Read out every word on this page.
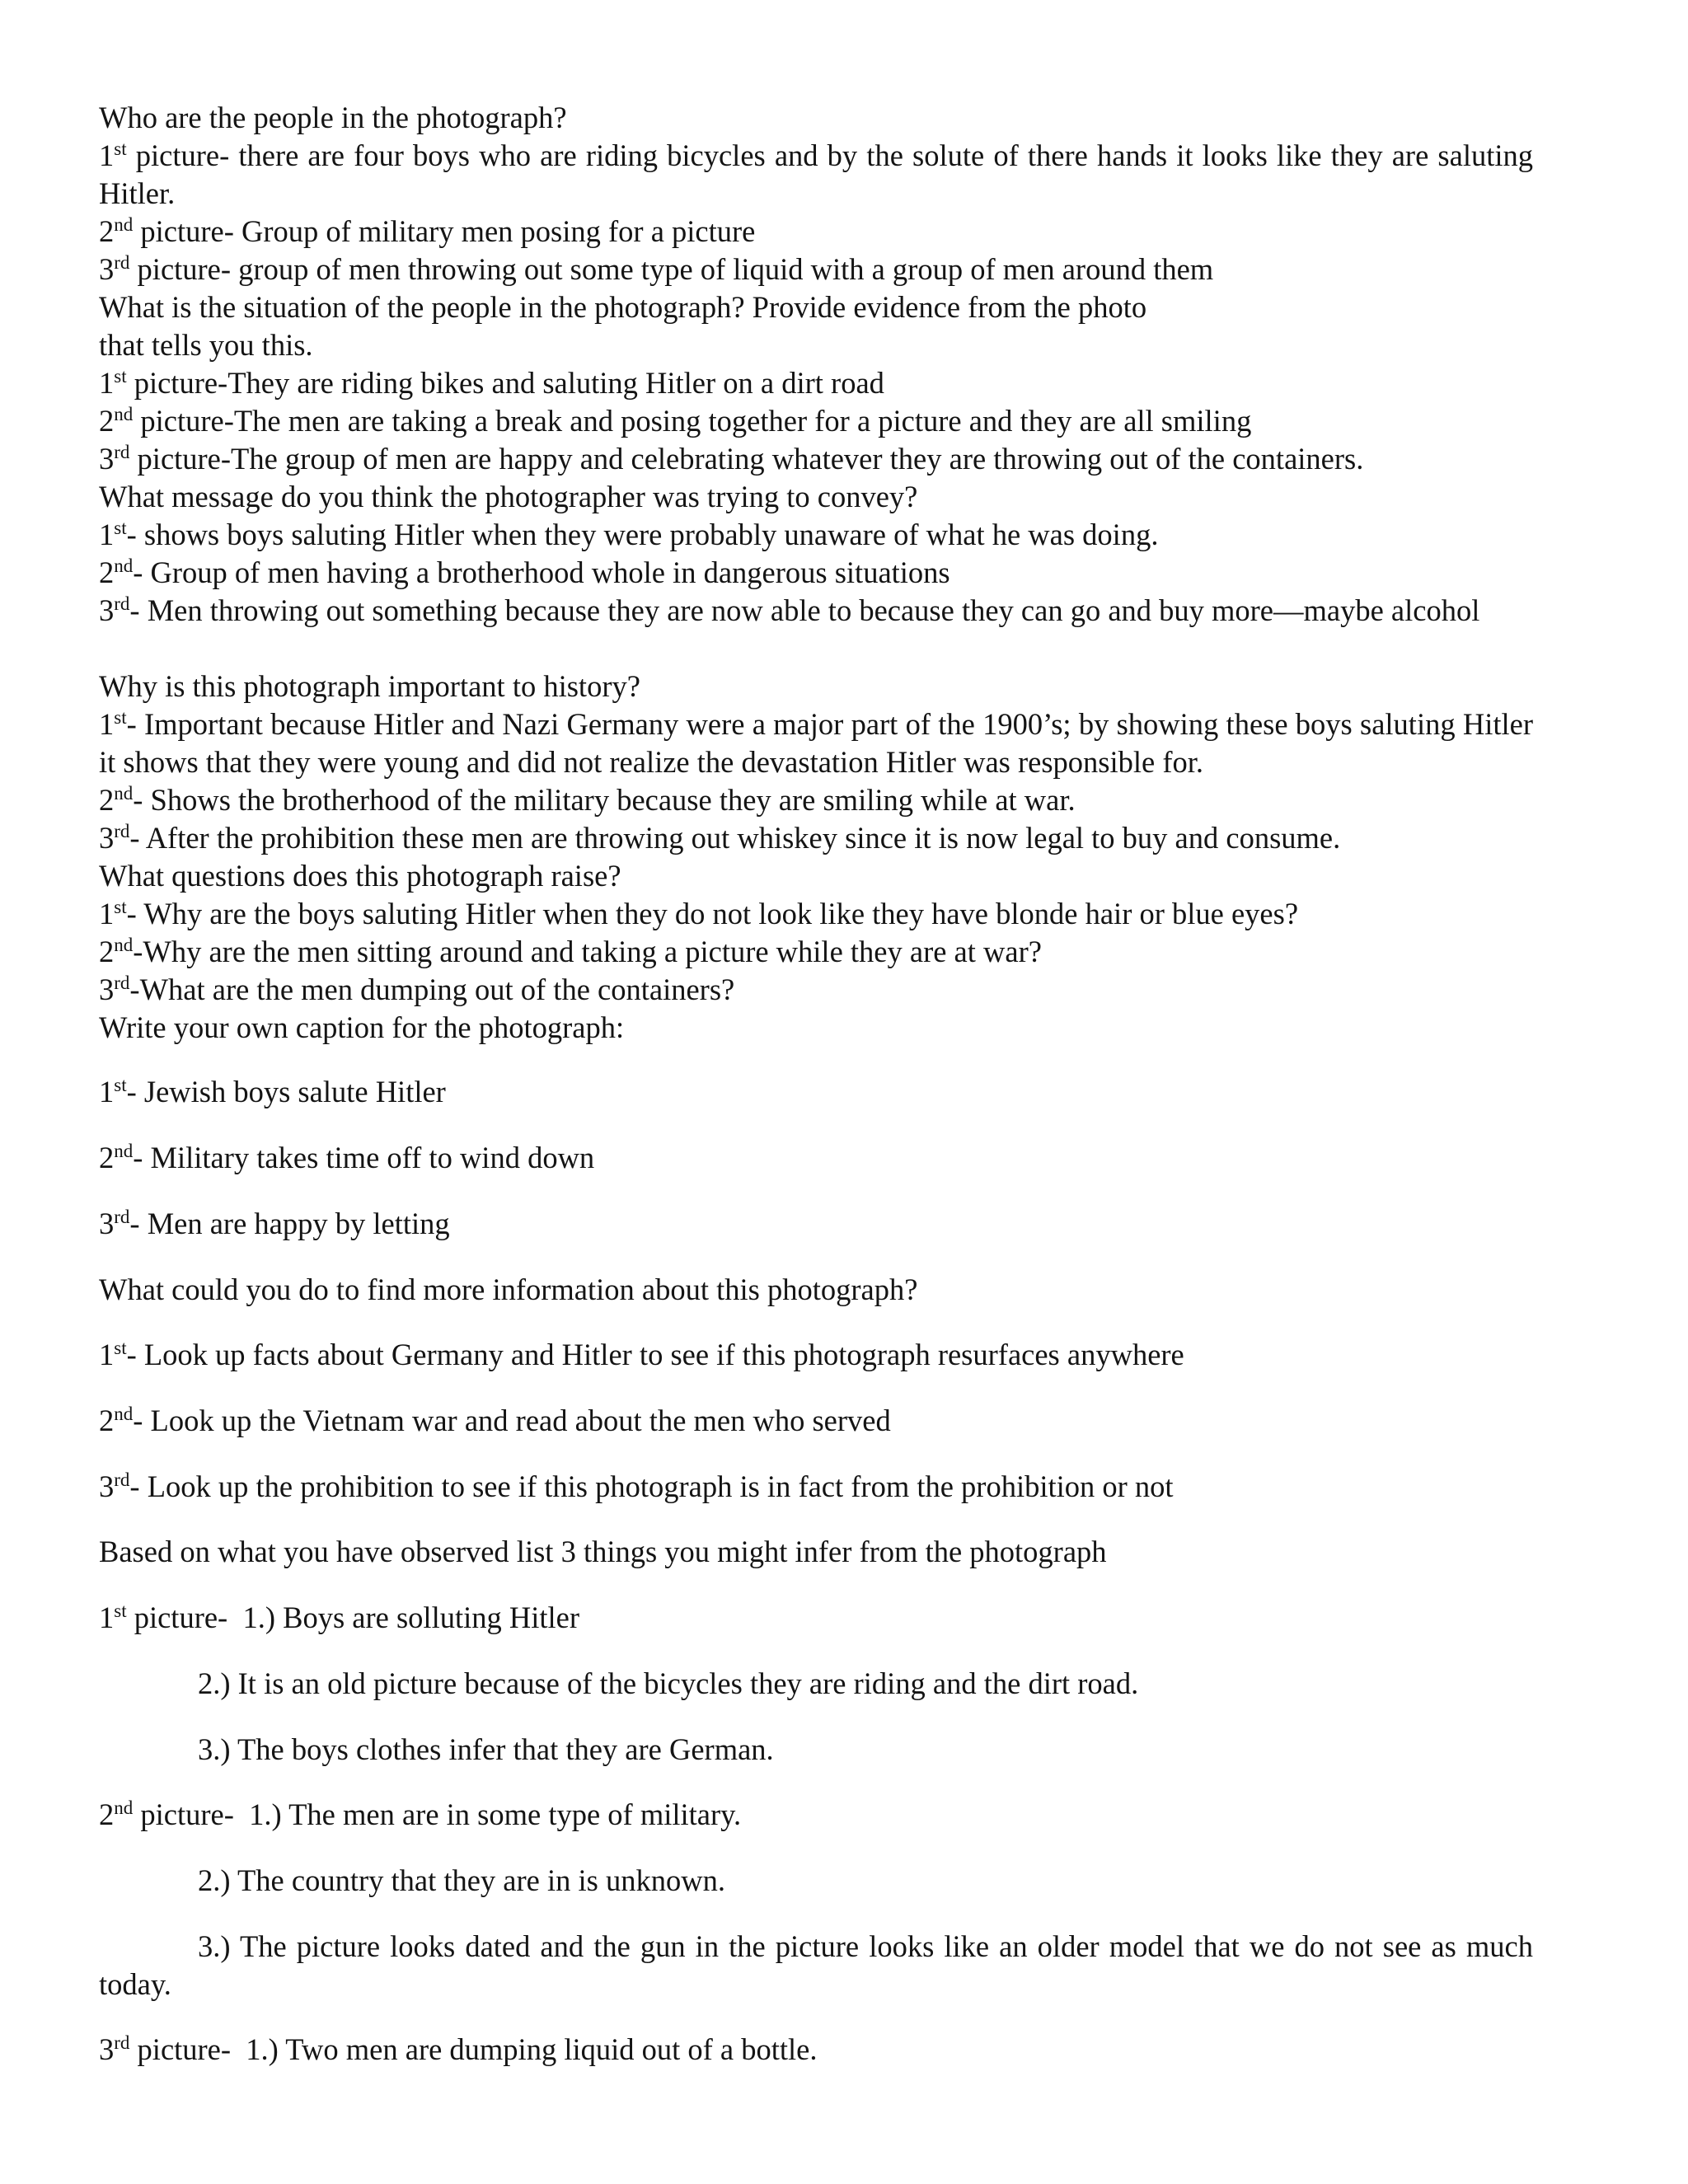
Who are the people in the photograph?
1st picture- there are four boys who are riding bicycles and by the solute of there hands it looks like they are saluting Hitler.
2nd picture- Group of military men posing for a picture
3rd picture- group of men throwing out some type of liquid with a group of men around them
What is the situation of the people in the photograph? Provide evidence from the photo
that tells you this.
1st picture-They are riding bikes and saluting Hitler on a dirt road
2nd picture-The men are taking a break and posing together for a picture and they are all smiling
3rd picture-The group of men are happy and celebrating whatever they are throwing out of the containers.
What message do you think the photographer was trying to convey?
1st- shows boys saluting Hitler when they were probably unaware of what he was doing.
2nd- Group of men having a brotherhood whole in dangerous situations
3rd- Men throwing out something because they are now able to because they can go and buy more—maybe alcohol
Why is this photograph important to history?
1st- Important because Hitler and Nazi Germany were a major part of the 1900’s; by showing these boys saluting Hitler it shows that they were young and did not realize the devastation Hitler was responsible for.
2nd- Shows the brotherhood of the military because they are smiling while at war.
3rd- After the prohibition these men are throwing out whiskey since it is now legal to buy and consume.
What questions does this photograph raise?
1st- Why are the boys saluting Hitler when they do not look like they have blonde hair or blue eyes?
2nd-Why are the men sitting around and taking a picture while they are at war?
3rd-What are the men dumping out of the containers?
Write your own caption for the photograph:
1st- Jewish boys salute Hitler
2nd- Military takes time off to wind down
3rd- Men are happy by letting
What could you do to find more information about this photograph?
1st- Look up facts about Germany and Hitler to see if this photograph resurfaces anywhere
2nd- Look up the Vietnam war and read about the men who served
3rd- Look up the prohibition to see if this photograph is in fact from the prohibition or not
Based on what you have observed list 3 things you might infer from the photograph
1st picture-  1.) Boys are solluting Hitler
2.) It is an old picture because of the bicycles they are riding and the dirt road.
3.) The boys clothes infer that they are German.
2nd picture-  1.) The men are in some type of military.
2.) The country that they are in is unknown.
3.) The picture looks dated and the gun in the picture looks like an older model that we do not see as much today.
3rd picture-  1.) Two men are dumping liquid out of a bottle.
